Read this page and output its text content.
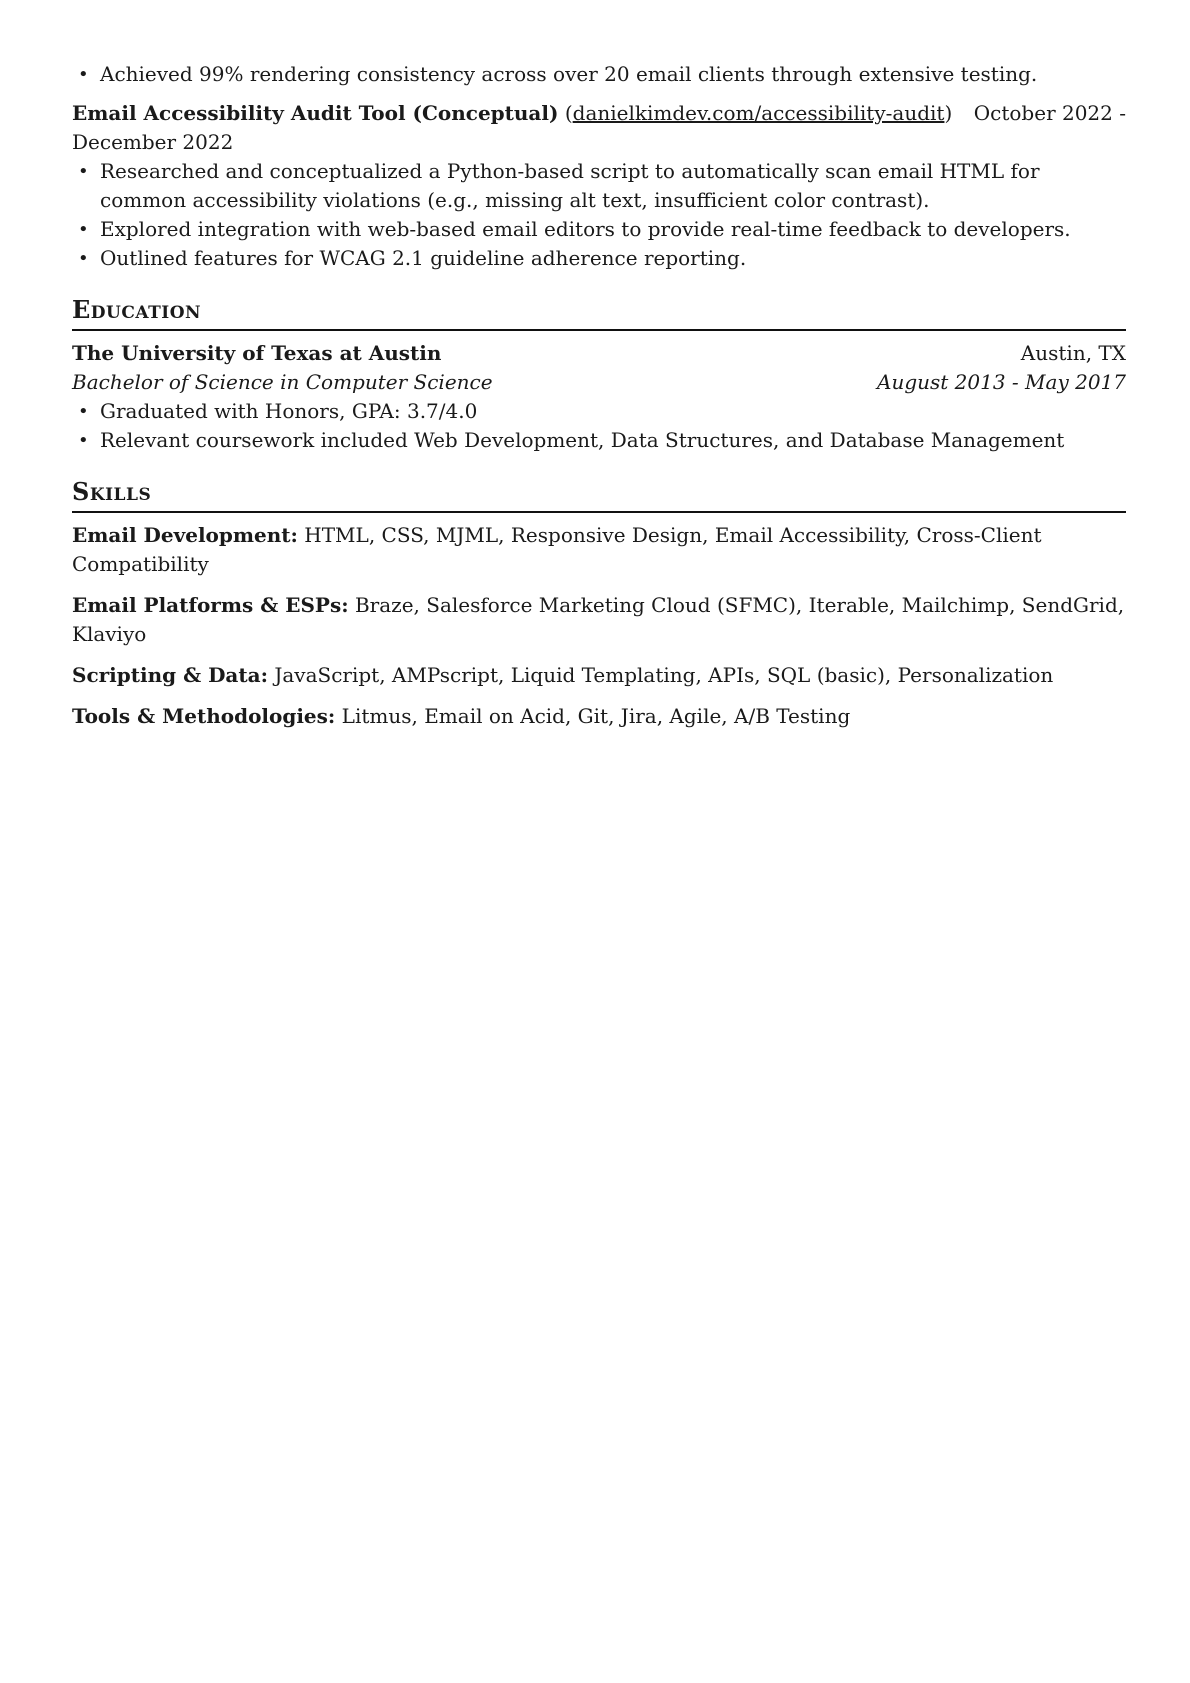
• Achieved 99% rendering consistency across over 20 email clients through extensive testing.
October 2022 -
Email Accessibility Audit Tool (Conceptual) (danielkimdev.com/accessibility-audit)
December 2022
• Researched and conceptualized a Python-based script to automatically scan email HTML for common accessibility violations (e.g., missing alt text, insufficient color contrast).
• Explored integration with web-based email editors to provide real-time feedback to developers.
• Outlined features for WCAG 2.1 guideline adherence reporting.
Education
The University of Texas at Austin	Austin, TX
Bachelor of Science in Computer Science	August 2013 - May 2017
• Graduated with Honors, GPA: 3.7/4.0
• Relevant coursework included Web Development, Data Structures, and Database Management
Skills
Email Development: HTML, CSS, MJML, Responsive Design, Email Accessibility, Cross-Client Compatibility
Email Platforms & ESPs: Braze, Salesforce Marketing Cloud (SFMC), Iterable, Mailchimp, SendGrid, Klaviyo
Scripting & Data: JavaScript, AMPscript, Liquid Templating, APIs, SQL (basic), Personalization
Tools & Methodologies: Litmus, Email on Acid, Git, Jira, Agile, A/B Testing
